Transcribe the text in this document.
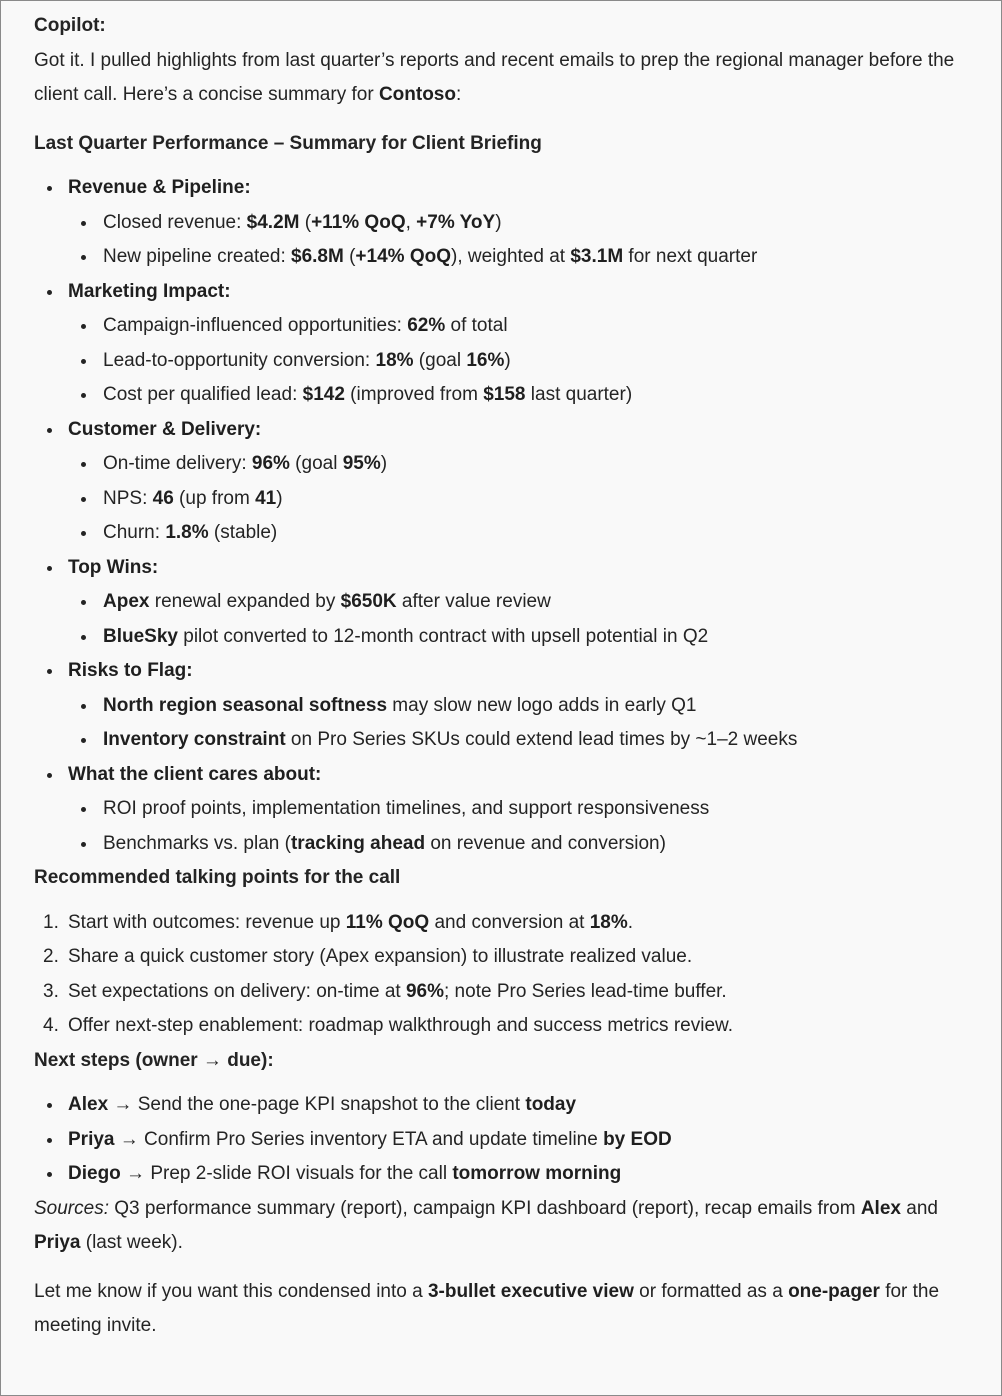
Copilot:

Got it. I pulled highlights from last quarter’s reports and recent emails to prep the regional manager before the client call. Here’s a concise summary for Contoso:

Last Quarter Performance – Summary for Client Briefing

Revenue & Pipeline:
Closed revenue: $4.2M (+11% QoQ, +7% YoY)
New pipeline created: $6.8M (+14% QoQ), weighted at $3.1M for next quarter
Marketing Impact:
Campaign-influenced opportunities: 62% of total
Lead-to-opportunity conversion: 18% (goal 16%)
Cost per qualified lead: $142 (improved from $158 last quarter)
Customer & Delivery:
On-time delivery: 96% (goal 95%)
NPS: 46 (up from 41)
Churn: 1.8% (stable)
Top Wins:
Apex renewal expanded by $650K after value review
BlueSky pilot converted to 12-month contract with upsell potential in Q2
Risks to Flag:
North region seasonal softness may slow new logo adds in early Q1
Inventory constraint on Pro Series SKUs could extend lead times by ~1–2 weeks
What the client cares about:
ROI proof points, implementation timelines, and support responsiveness
Benchmarks vs. plan (tracking ahead on revenue and conversion)

Recommended talking points for the call

1. Start with outcomes: revenue up 11% QoQ and conversion at 18%.
2. Share a quick customer story (Apex expansion) to illustrate realized value.
3. Set expectations on delivery: on-time at 96%; note Pro Series lead-time buffer.
4. Offer next-step enablement: roadmap walkthrough and success metrics review.

Next steps (owner → due):

Alex → Send the one-page KPI snapshot to the client today
Priya → Confirm Pro Series inventory ETA and update timeline by EOD
Diego → Prep 2-slide ROI visuals for the call tomorrow morning

Sources: Q3 performance summary (report), campaign KPI dashboard (report), recap emails from Alex and Priya (last week).

Let me know if you want this condensed into a 3-bullet executive view or formatted as a one-pager for the meeting invite.
